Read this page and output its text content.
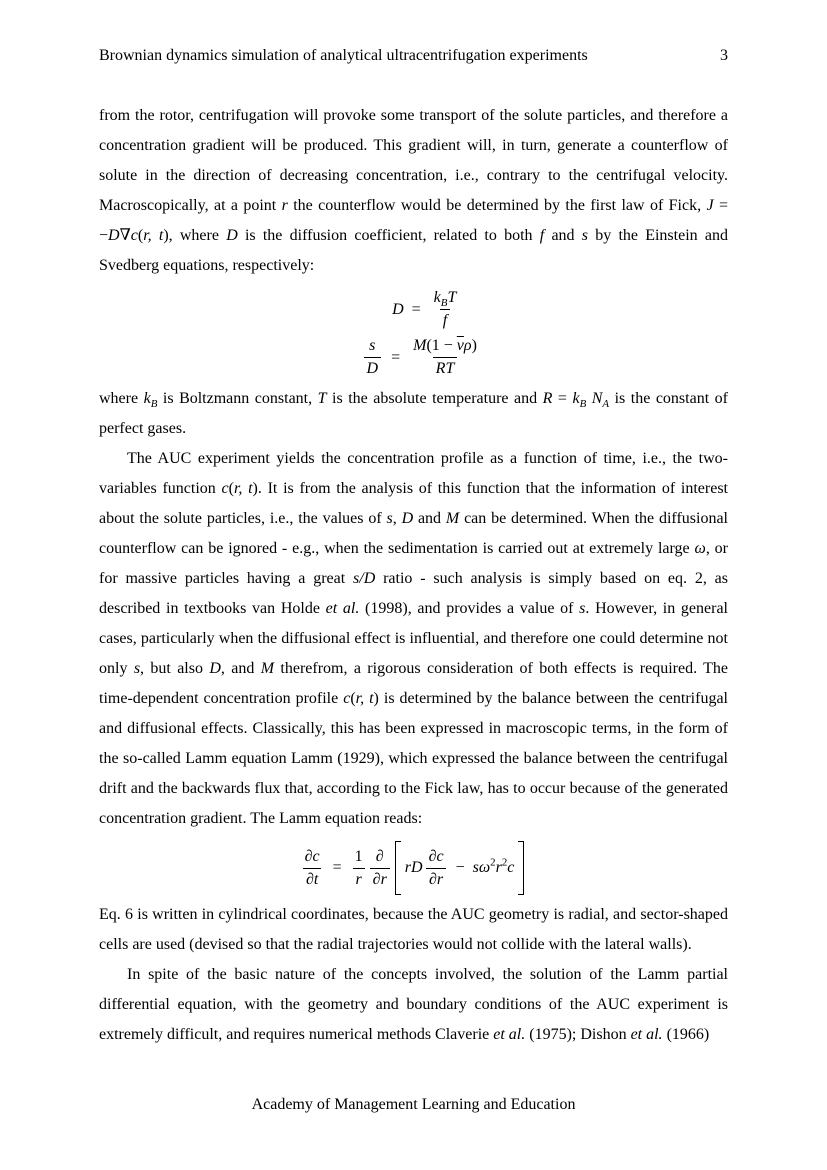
Brownian dynamics simulation of analytical ultracentrifugation experiments	3

from the rotor, centrifugation will provoke some transport of the solute particles, and therefore a concentration gradient will be produced. This gradient will, in turn, generate a counterflow of solute in the direction of decreasing concentration, i.e., contrary to the centrifugal velocity. Macroscopically, at a point r the counterflow would be determined by the first law of Fick, J = −D∇c(r, t), where D is the diffusion coefficient, related to both f and s by the Einstein and Svedberg equations, respectively:

$D = \frac{k_BT}{f}$
$\frac{s}{D} = \frac{M(1 - \overline{v}\rho)}{RT}$

where $k_B$ is Boltzmann constant, T is the absolute temperature and $R = k_B$ $N_A$ is the constant of perfect gases.

The AUC experiment yields the concentration profile as a function of time, i.e., the two-variables function c(r, t). It is from the analysis of this function that the information of interest about the solute particles, i.e., the values of s, D and M can be determined. When the diffusional counterflow can be ignored - e.g., when the sedimentation is carried out at extremely large ω, or for massive particles having a great s/D ratio - such analysis is simply based on eq. 2, as described in textbooks van Holde et al. (1998), and provides a value of s. However, in general cases, particularly when the diffusional effect is influential, and therefore one could determine not only s, but also D, and M therefrom, a rigorous consideration of both effects is required. The time-dependent concentration profile c(r, t) is determined by the balance between the centrifugal and diffusional effects. Classically, this has been expressed in macroscopic terms, in the form of the so-called Lamm equation Lamm (1929), which expressed the balance between the centrifugal drift and the backwards flux that, according to the Fick law, has to occur because of the generated concentration gradient. The Lamm equation reads:

$\frac{\partial c}{\partial t} = \frac{1}{r} \frac{\partial}{\partial r}$ rD $\frac{\partial c}{\partial r} - s\omega^2r^2c$

Eq. 6 is written in cylindrical coordinates, because the AUC geometry is radial, and sector-shaped cells are used (devised so that the radial trajectories would not collide with the lateral walls).

In spite of the basic nature of the concepts involved, the solution of the Lamm partial differential equation, with the geometry and boundary conditions of the AUC experiment is extremely difficult, and requires numerical methods Claverie et al. (1975); Dishon et al. (1966)

Academy of Management Learning and Education
